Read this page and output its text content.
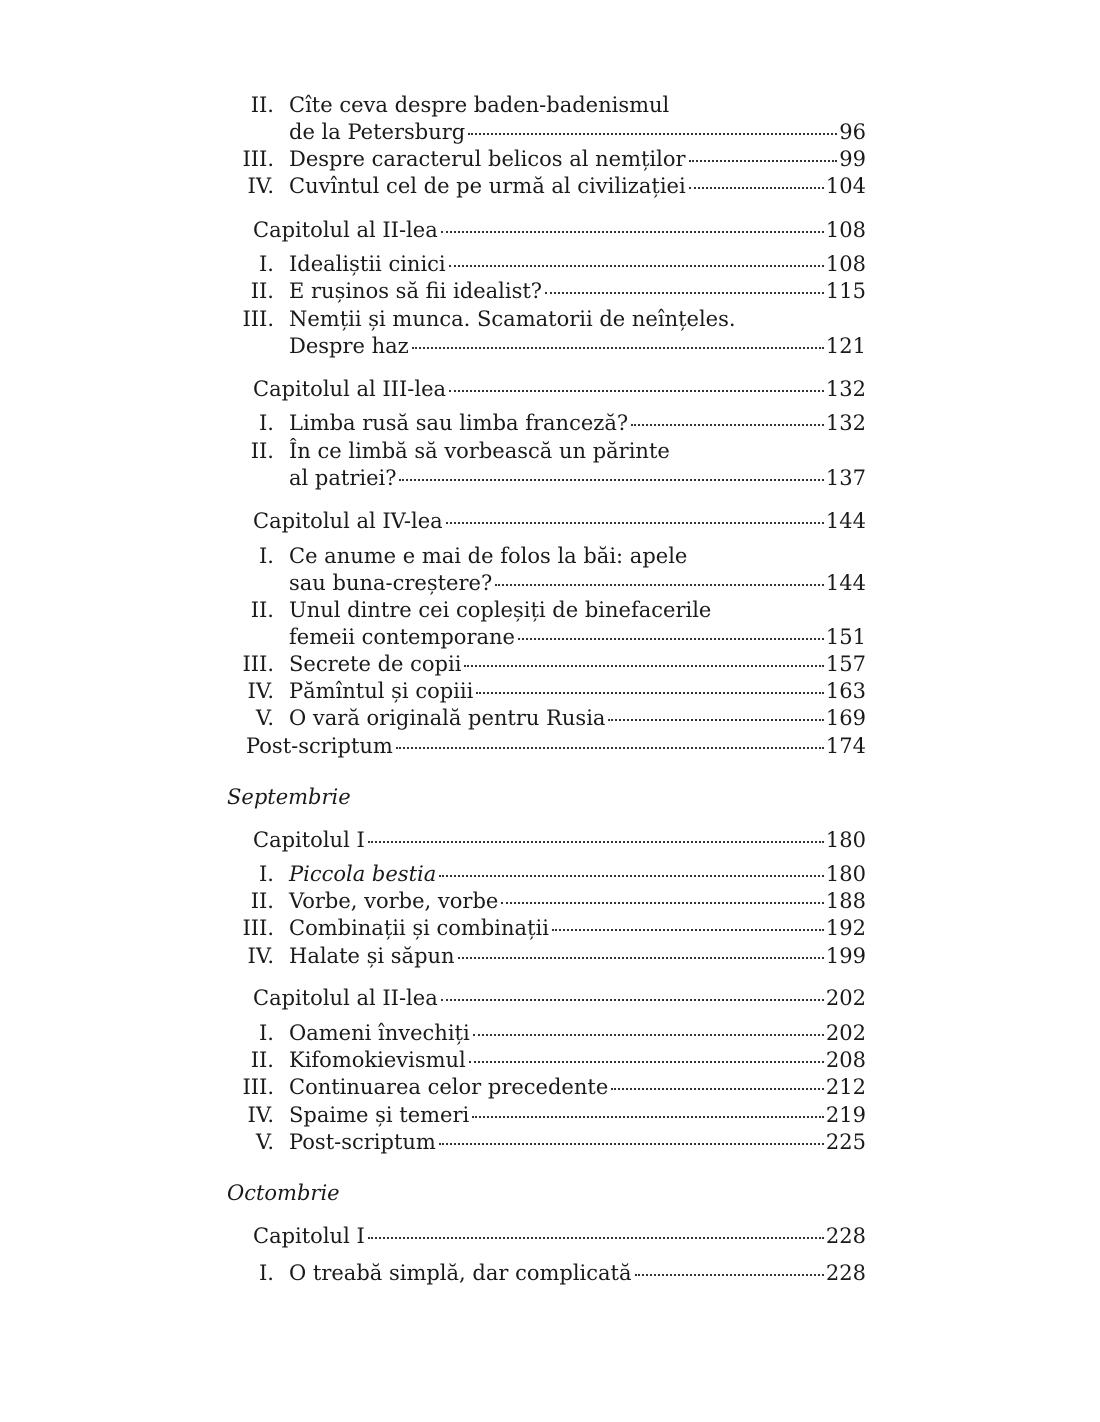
II. Cîte ceva despre baden-badenismul
de la Petersburg	96
III. Despre caracterul belicos al nemților	99
IV. Cuvîntul cel de pe urmă al civilizației	104
Capitolul al II-lea	108
I. Idealiștii cinici	108
II. E rușinos să fii idealist?	115
III. Nemții și munca. Scamatorii de neînțeles.
Despre haz	121
Capitolul al III-lea	132
I. Limba rusă sau limba franceză?	132
II. În ce limbă să vorbească un părinte
al patriei?	137
Capitolul al IV-lea	144
I. Ce anume e mai de folos la băi: apele
sau buna-creștere?	144
II. Unul dintre cei copleșiți de binefacerile
femeii contemporane	151
III. Secrete de copii	157
IV. Pămîntul și copiii	163
V. O vară originală pentru Rusia	169
Post-scriptum	174
Septembrie
Capitolul I	180
I. Piccola bestia	180
II. Vorbe, vorbe, vorbe	188
III. Combinații și combinații	192
IV. Halate și săpun	199
Capitolul al II-lea	202
I. Oameni învechiți	202
II. Kifomokievismul	208
III. Continuarea celor precedente	212
IV. Spaime și temeri	219
V. Post-scriptum	225
Octombrie
Capitolul I	228
I. O treabă simplă, dar complicată	228
